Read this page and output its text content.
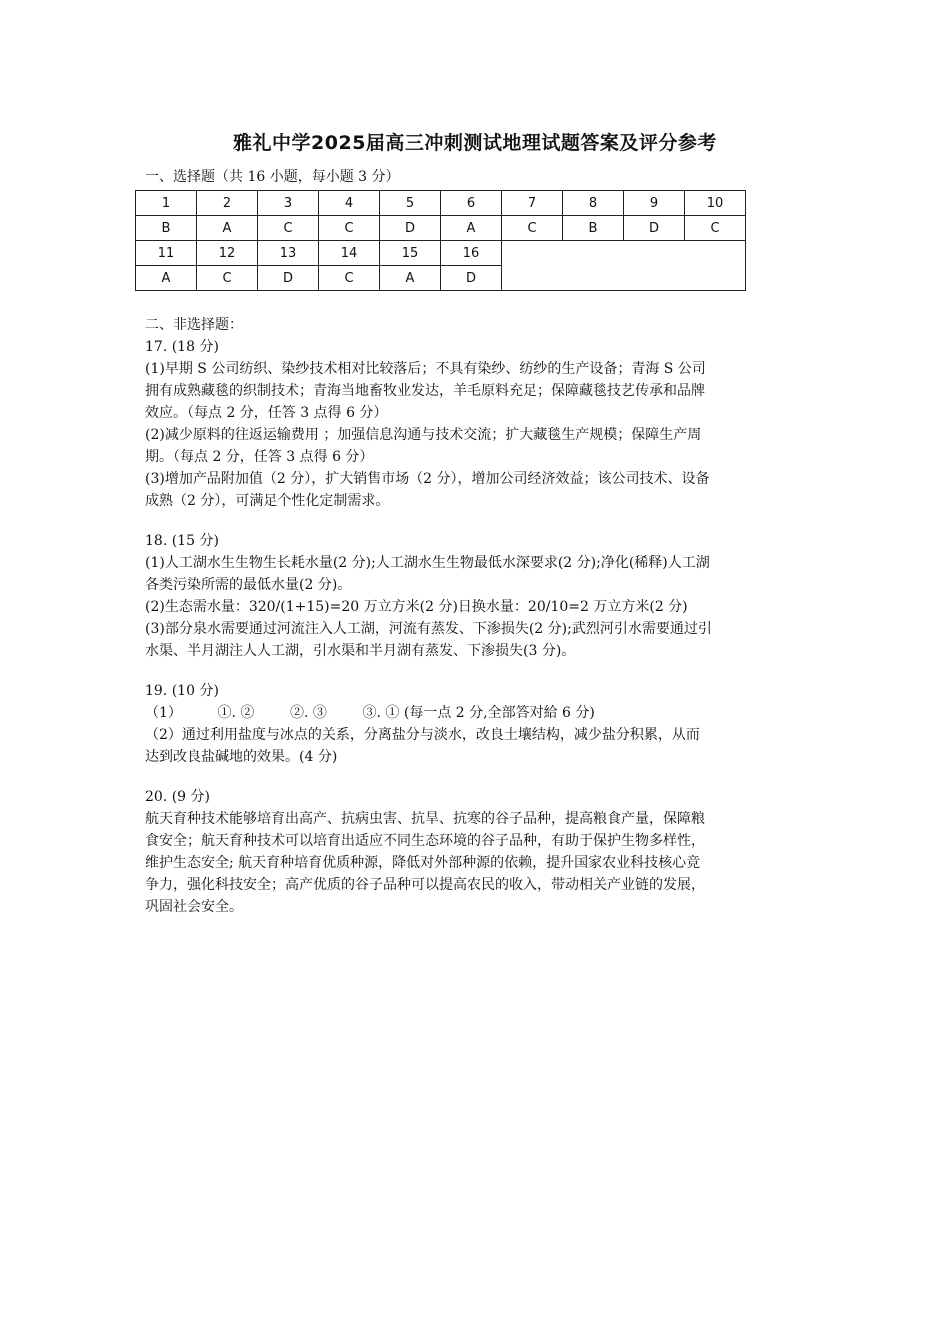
雅礼中学2025届高三冲刺测试地理试题答案及评分参考
一、选择题（共 16 小题，每小题 3 分）
1	2	3	4	5	6	7	8	9	10
B	A	C	C	D	A	C	B	D	C
11	12	13	14	15	16				
A	C	D	C	A	D				
二、非选择题：
17. (18 分)
(1)早期 S 公司纺织、染纱技术相对比较落后；不具有染纱、纺纱的生产设备；青海 S 公司
拥有成熟藏毯的织制技术；青海当地畜牧业发达，羊毛原料充足；保障藏毯技艺传承和品牌
效应。（每点 2 分，任答 3 点得 6 分）
(2)减少原料的往返运输费用 ；加强信息沟通与技术交流；扩大藏毯生产规模；保障生产周
期。（每点 2 分，任答 3 点得 6 分）
(3)增加产品附加值（2 分），扩大销售市场（2 分），增加公司经济效益；该公司技术、设备
成熟（2 分），可满足个性化定制需求。
18. (15 分)
(1)人工湖水生生物生长耗水量(2 分);人工湖水生生物最低水深要求(2 分);净化(稀释)人工湖
各类污染所需的最低水量(2 分)。
(2)生态需水量：320/(1+15)=20 万立方米(2 分)日换水量：20/10=2 万立方米(2 分)
(3)部分泉水需要通过河流注入人工湖，河流有蒸发、下渗损失(2 分);武烈河引水需要通过引
水渠、半月湖注人人工湖，引水渠和半月湖有蒸发、下渗损失(3 分)。
19. (10 分)
（1）        ①. ②        ②. ③        ③. ① (每一点 2 分,全部答对給 6 分)
（2）通过利用盐度与冰点的关系，分离盐分与淡水，改良土壤结构，减少盐分积累，从而
达到改良盐碱地的效果。(4 分)
20. (9 分)
航天育种技术能够培育出高产、抗病虫害、抗旱、抗寒的谷子品种，提高粮食产量，保障粮
食安全；航天育种技术可以培育出适应不同生态环境的谷子品种，有助于保护生物多样性，
维护生态安全; 航天育种培育优质种源，降低对外部种源的依赖，提升国家农业科技核心竞
争力，强化科技安全；高产优质的谷子品种可以提高农民的收入，带动相关产业链的发展，
巩固社会安全。
